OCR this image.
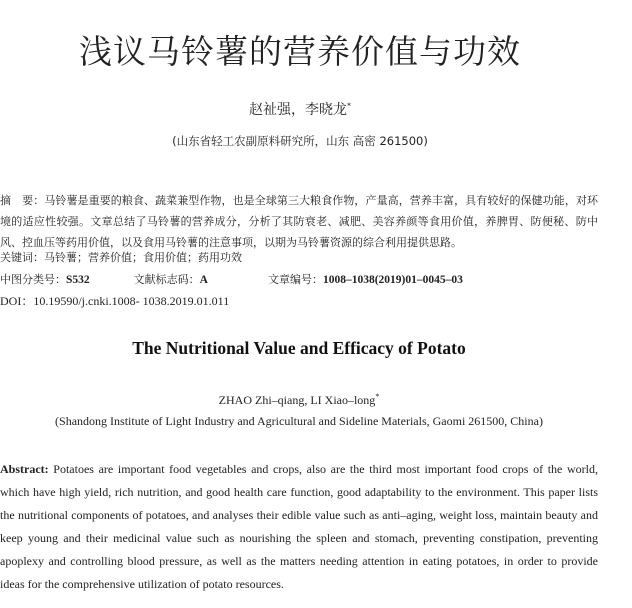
浅议马铃薯的营养价值与功效
赵祉强，李晓龙*
(山东省轻工农副原料研究所，山东 高密 261500)
摘　要：马铃薯是重要的粮食、蔬菜兼型作物，也是全球第三大粮食作物，产量高，营养丰富，具有较好的保健功能，对环境的适应性较强。文章总结了马铃薯的营养成分，分析了其防衰老、减肥、美容养颜等食用价值，养脾胃、防便秘、防中风、控血压等药用价值，以及食用马铃薯的注意事项，以期为马铃薯资源的综合利用提供思路。
关键词：马铃薯；营养价值；食用价值；药用功效
中图分类号：S532	文献标志码：A	文章编号：1008–1038(2019)01–0045–03
DOI：10.19590/j.cnki.1008- 1038.2019.01.011
The Nutritional Value and Efficacy of Potato
ZHAO Zhi–qiang, LI Xiao–long*
(Shandong Institute of Light Industry and Agricultural and Sideline Materials, Gaomi 261500, China)
Abstract: Potatoes are important food vegetables and crops, also are the third most important food crops of the world, which have high yield, rich nutrition, and good health care function, good adaptability to the environment. This paper lists the nutritional components of potatoes, and analyses their edible value such as anti–aging, weight loss, maintain beauty and keep young and their medicinal value such as nourishing the spleen and stomach, preventing constipation, preventing apoplexy and controlling blood pressure, as well as the matters needing attention in eating potatoes, in order to provide ideas for the comprehensive utilization of potato resources.
